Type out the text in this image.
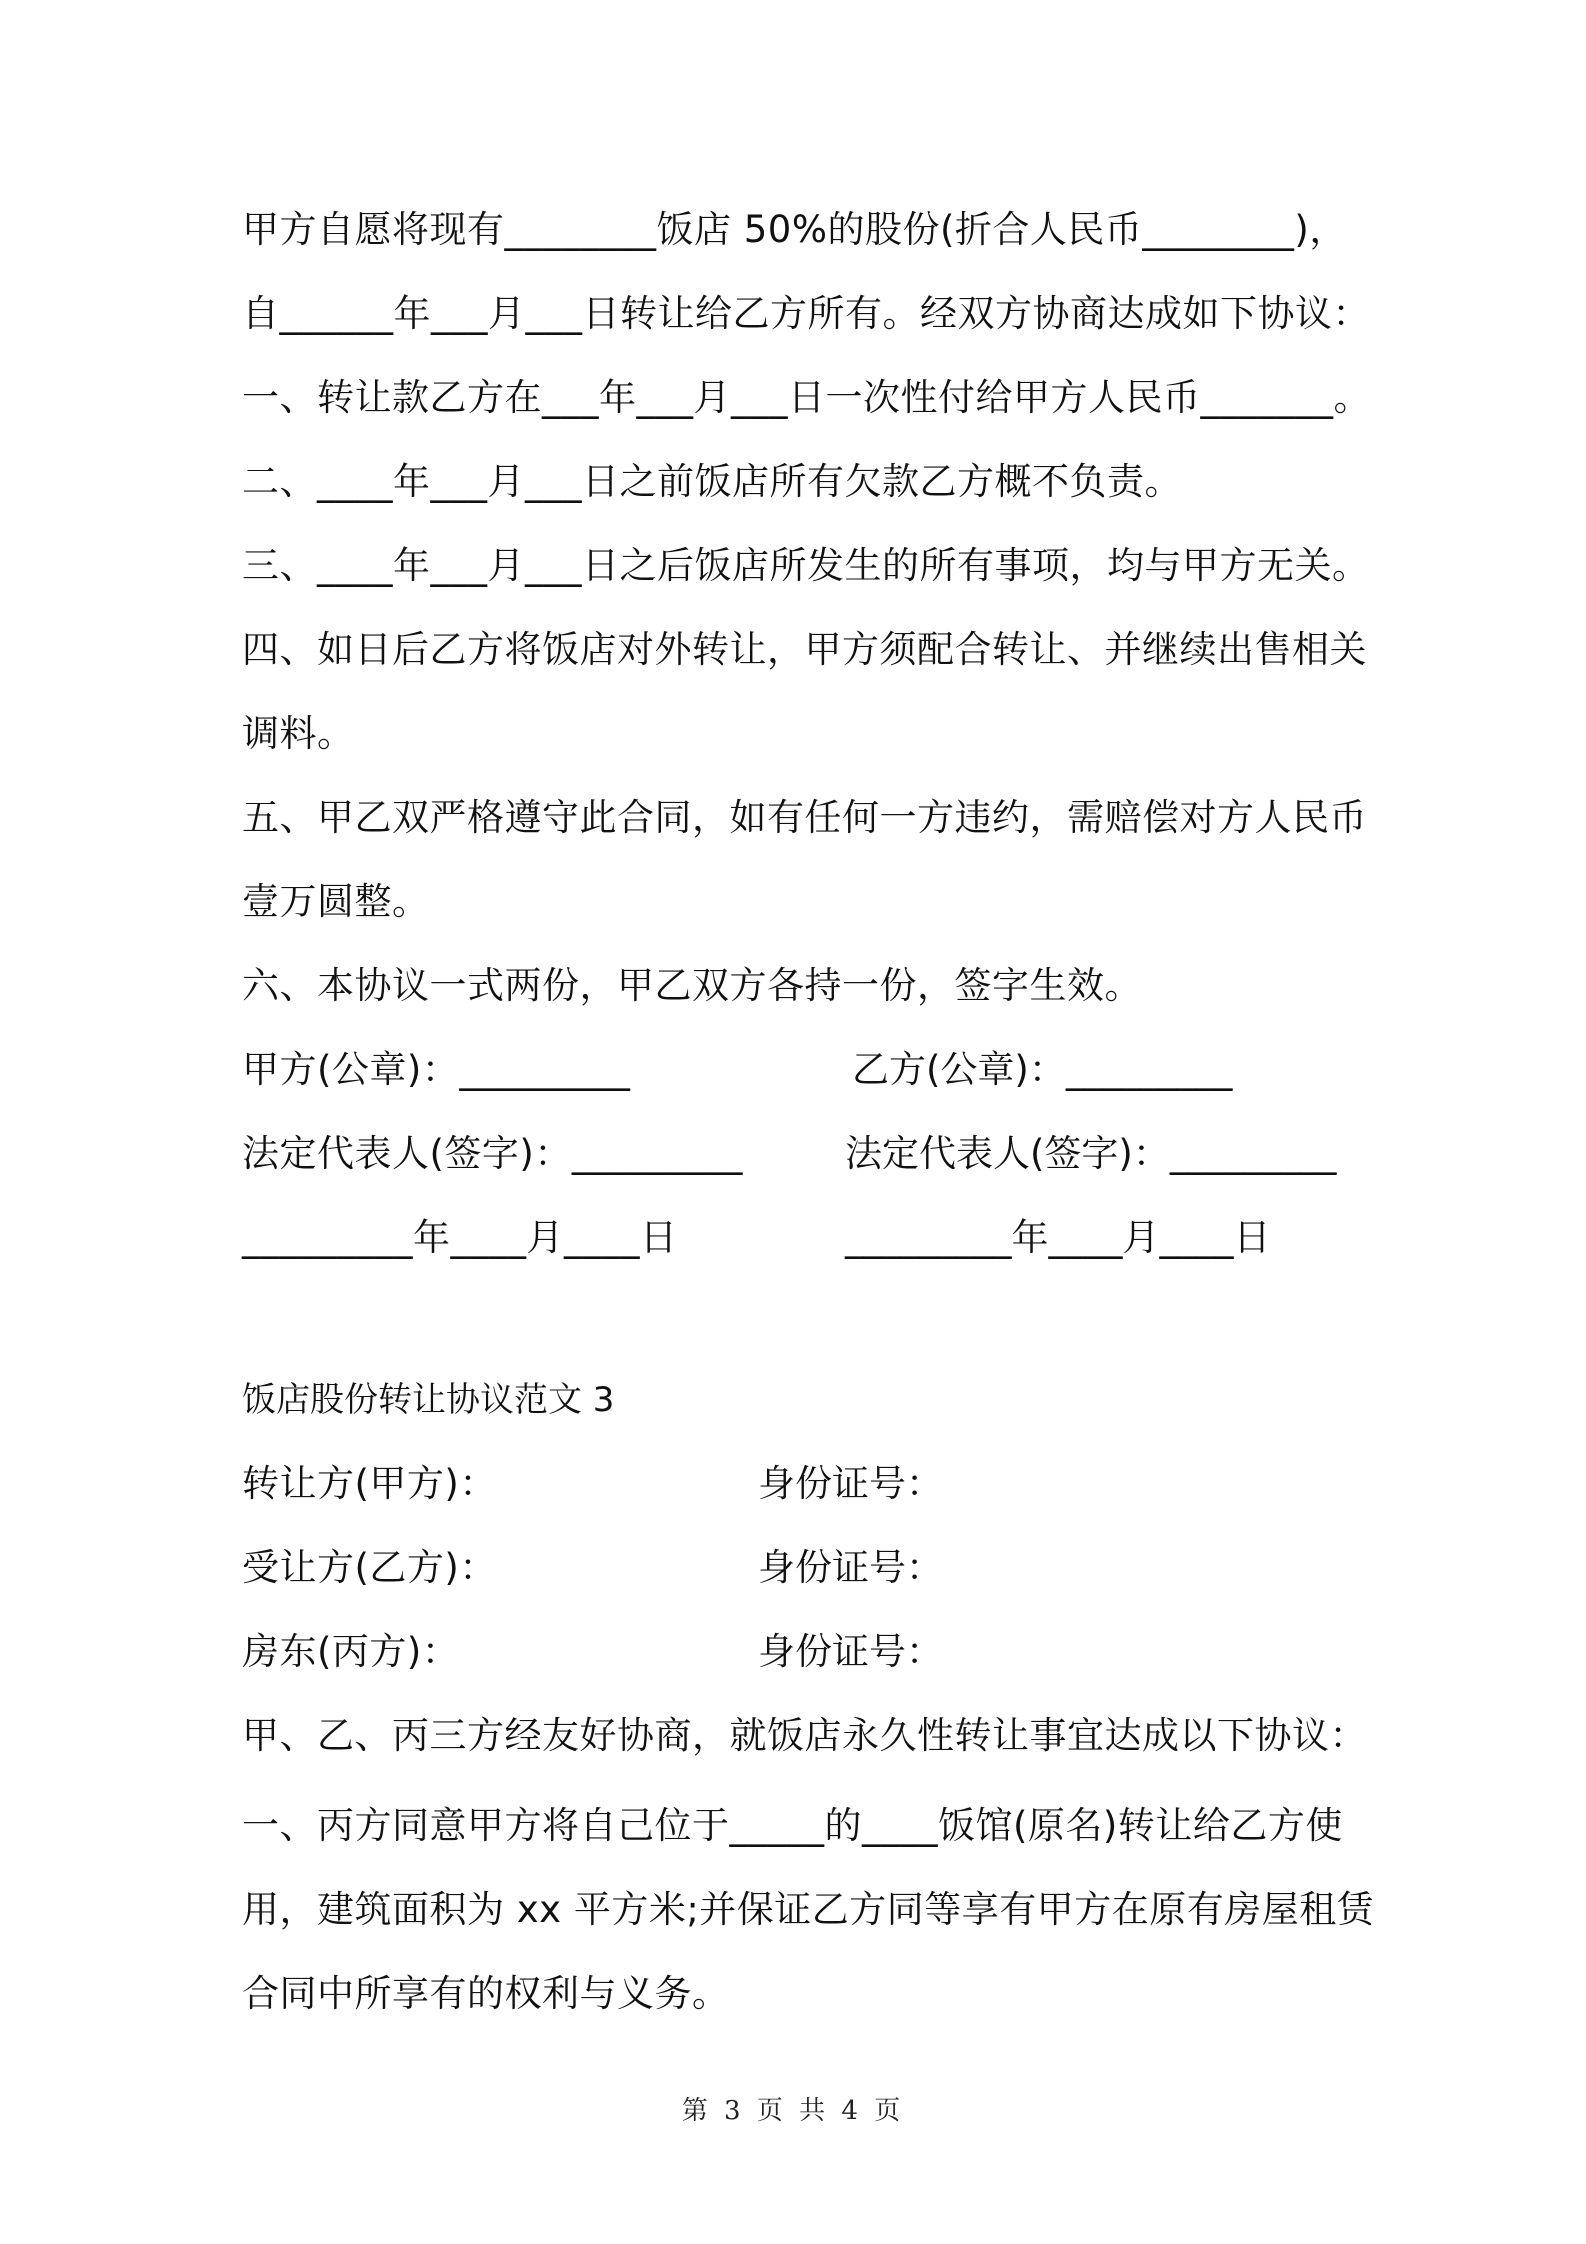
甲方自愿将现有________饭店 50%的股份(折合人民币________)，
自______年___月___日转让给乙方所有。经双方协商达成如下协议：
一、转让款乙方在___年___月___日一次性付给甲方人民币_______。
二、____年___月___日之前饭店所有欠款乙方概不负责。
三、____年___月___日之后饭店所发生的所有事项，均与甲方无关。
四、如日后乙方将饭店对外转让，甲方须配合转让、并继续出售相关
调料。
五、甲乙双严格遵守此合同，如有任何一方违约，需赔偿对方人民币
壹万圆整。
六、本协议一式两份，甲乙双方各持一份，签字生效。
甲方(公章)：_________	乙方(公章)：_________
法定代表人(签字)：_________	法定代表人(签字)：_________
_________年____月____日	_________年____月____日
饭店股份转让协议范文 3
转让方(甲方)：	身份证号：
受让方(乙方)：	身份证号：
房东(丙方)：	身份证号：
甲、乙、丙三方经友好协商，就饭店永久性转让事宜达成以下协议：
一、丙方同意甲方将自己位于_____的____饭馆(原名)转让给乙方使
用，建筑面积为 xx 平方米;并保证乙方同等享有甲方在原有房屋租赁
合同中所享有的权利与义务。
第 3 页 共 4 页
